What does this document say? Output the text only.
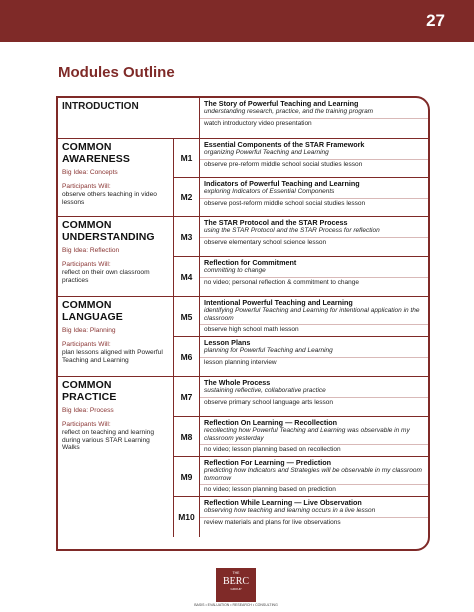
27
Modules Outline
INTRODUCTION	The Story of Powerful Teaching and Learning
understanding research, practice, and the training program
watch introductory video presentation
COMMON AWARENESS
Big Idea: Concepts
Participants Will:
observe others teaching in video lessons
COMMON UNDERSTANDING
Big Idea: Reflection
Participants Will:
reflect on their own classroom practices
COMMON LANGUAGE
Big Idea: Planning
Participants Will:
plan lessons aligned with Powerful Teaching and Learning
COMMON PRACTICE
Big Idea: Process
Participants Will:
reflect on teaching and learning during various STAR Learning Walks
M1
M2
M3
M4
M5
M6
M7
M8
M9
M10
Essential Components of the STAR Framework
organizing Powerful Teaching and Learning
observe pre-reform middle school social studies lesson
Indicators of Powerful Teaching and Learning
exploring Indicators of Essential Components
observe post-reform middle school social studies lesson
The STAR Protocol and the STAR Process
using the STAR Protocol and the STAR Process for reflection
observe elementary school science lesson
Reflection for Commitment
committing to change
no video; personal reflection & commitment to change
Intentional Powerful Teaching and Learning
identifying Powerful Teaching and Learning for intentional application in the classroom
observe high school math lesson
Lesson Plans
planning for Powerful Teaching and Learning
lesson planning interview
The Whole Process
sustaining reflective, collaborative practice
observe primary school language arts lesson
Reflection On Learning — Recollection
recollecting how Powerful Teaching and Learning was observable in my classroom yesterday
no video; lesson planning based on recollection
Reflection For Learning — Prediction
predicting how Indicators and Strategies will be observable in my classroom tomorrow
no video; lesson planning based on prediction
Reflection While Learning — Live Observation
observing how teaching and learning occurs in a live lesson
review materials and plans for live observations
THE
BERC
GROUP
BASIS • EVALUATION • RESEARCH • CONSULTING
